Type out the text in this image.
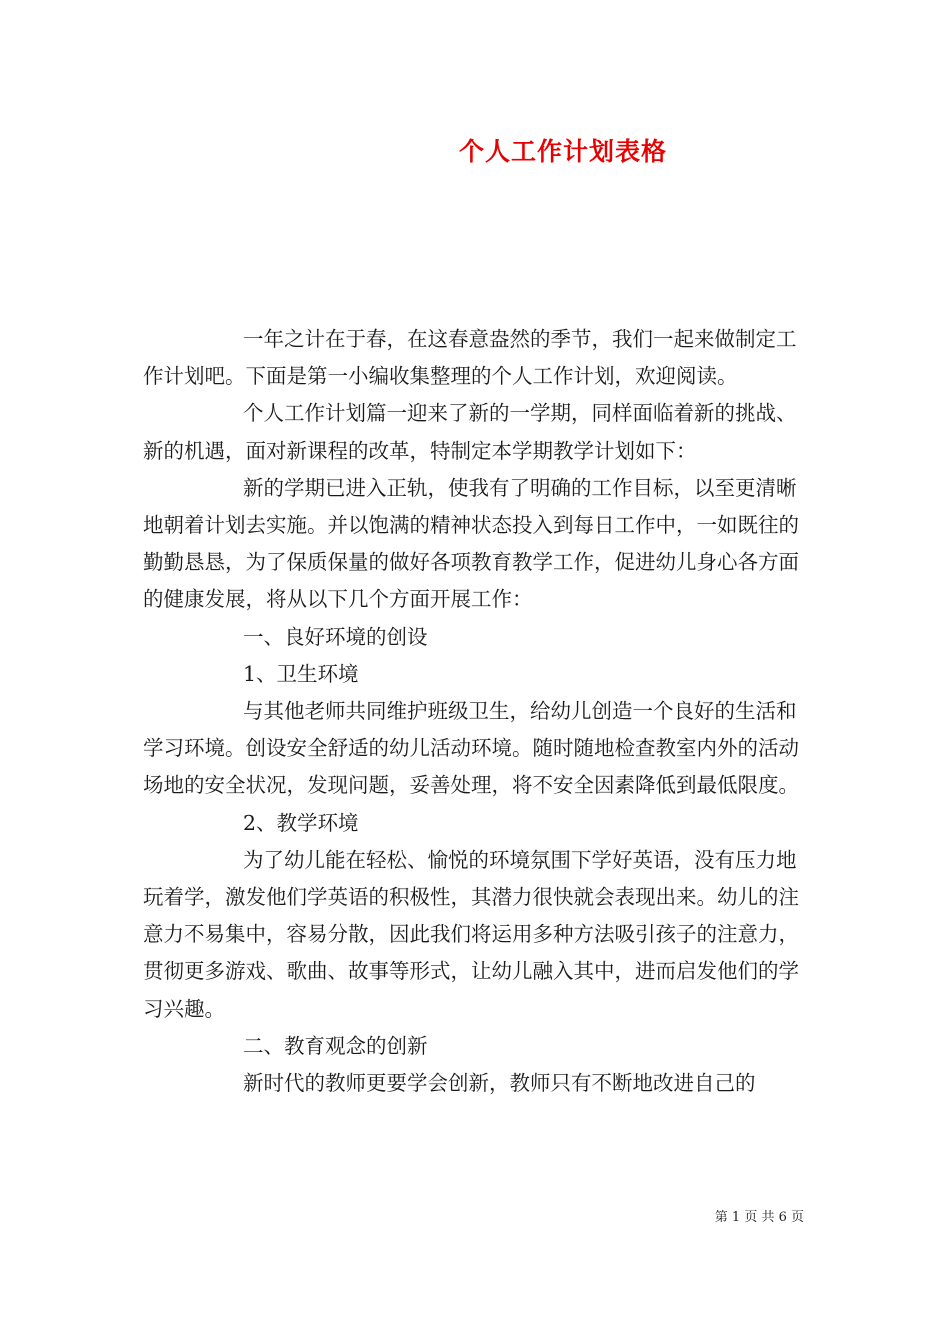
个人工作计划表格

一年之计在于春，在这春意盎然的季节，我们一起来做制定工作计划吧。下面是第一小编收集整理的个人工作计划，欢迎阅读。

个人工作计划篇一迎来了新的一学期，同样面临着新的挑战、新的机遇，面对新课程的改革，特制定本学期教学计划如下：

新的学期已进入正轨，使我有了明确的工作目标，以至更清晰地朝着计划去实施。并以饱满的精神状态投入到每日工作中，一如既往的勤勤恳恳，为了保质保量的做好各项教育教学工作，促进幼儿身心各方面的健康发展，将从以下几个方面开展工作：

一、良好环境的创设

1、卫生环境

与其他老师共同维护班级卫生，给幼儿创造一个良好的生活和学习环境。创设安全舒适的幼儿活动环境。随时随地检查教室内外的活动场地的安全状况，发现问题，妥善处理，将不安全因素降低到最低限度。

2、教学环境

为了幼儿能在轻松、愉悦的环境氛围下学好英语，没有压力地玩着学，激发他们学英语的积极性，其潜力很快就会表现出来。幼儿的注意力不易集中，容易分散，因此我们将运用多种方法吸引孩子的注意力，贯彻更多游戏、歌曲、故事等形式，让幼儿融入其中，进而启发他们的学习兴趣。

二、教育观念的创新

新时代的教师更要学会创新，教师只有不断地改进自己的

第 1 页 共 6 页
